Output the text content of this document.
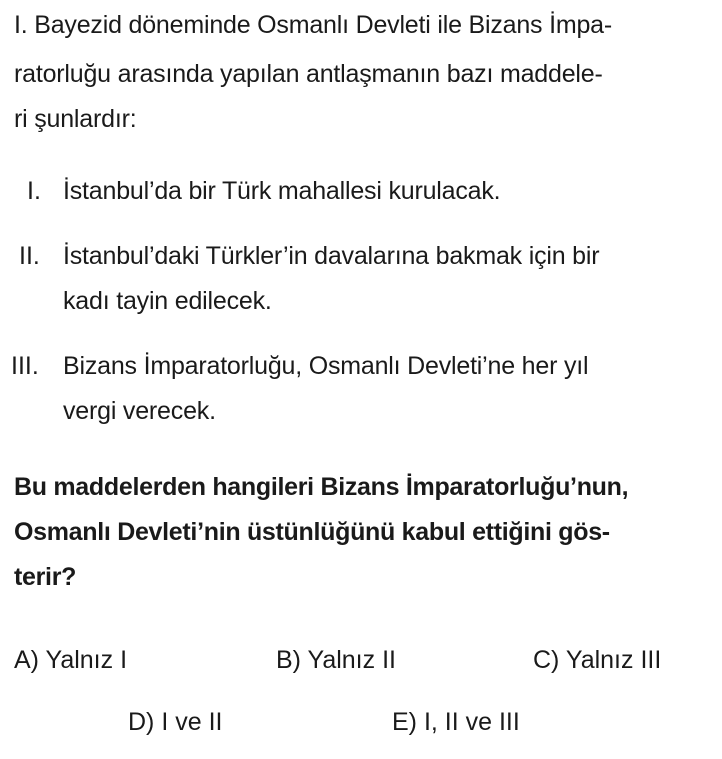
I. Bayezid döneminde Osmanlı Devleti ile Bizans İmpa-
ratorluğu arasında yapılan antlaşmanın bazı maddele-
ri şunlardır:
I. İstanbul’da bir Türk mahallesi kurulacak.
II. İstanbul’daki Türkler’in davalarına bakmak için bir
kadı tayin edilecek.
III. Bizans İmparatorluğu, Osmanlı Devleti’ne her yıl
vergi verecek.
Bu maddelerden hangileri Bizans İmparatorluğu’nun,
Osmanlı Devleti’nin üstünlüğünü kabul ettiğini gös-
terir?
A) Yalnız I	B) Yalnız II	C) Yalnız III
D) I ve II	E) I, II ve III
